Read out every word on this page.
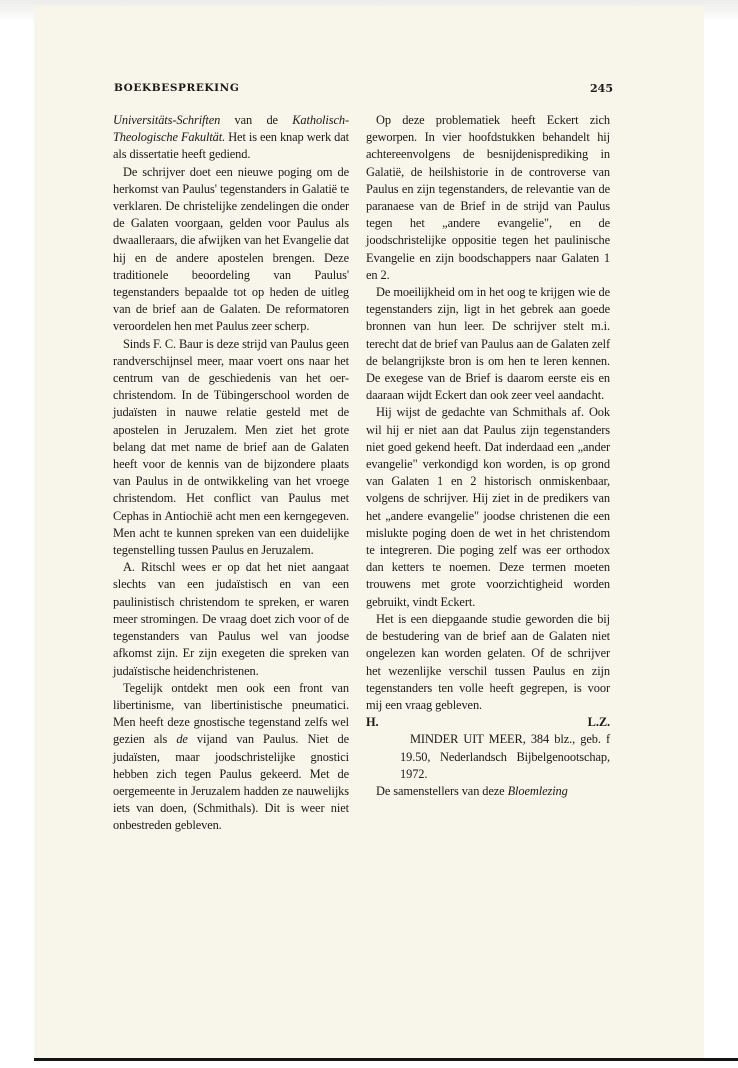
BOEKBESPREKING	245

Universitäts-Schriften van de Katholisch-Theologische Fakultät. Het is een knap werk dat als dissertatie heeft gediend.

De schrijver doet een nieuwe poging om de herkomst van Paulus' tegenstanders in Galatië te verklaren. De christelijke zendelingen die onder de Galaten voorgaan, gelden voor Paulus als dwaalleraars, die afwijken van het Evangelie dat hij en de andere apostelen brengen. Deze traditionele beoordeling van Paulus' tegenstanders bepaalde tot op heden de uitleg van de brief aan de Galaten. De reformatoren veroordelen hen met Paulus zeer scherp.

Sinds F. C. Baur is deze strijd van Paulus geen randverschijnsel meer, maar voert ons naar het centrum van de geschiedenis van het oer-christendom. In de Tübingerschool worden de judaïsten in nauwe relatie gesteld met de apostelen in Jeruzalem. Men ziet het grote belang dat met name de brief aan de Galaten heeft voor de kennis van de bijzondere plaats van Paulus in de ontwikkeling van het vroege christendom. Het conflict van Paulus met Cephas in Antiochië acht men een kerngegeven. Men acht te kunnen spreken van een duidelijke tegenstelling tussen Paulus en Jeruzalem.

A. Ritschl wees er op dat het niet aangaat slechts van een judaïstisch en van een paulinistisch christendom te spreken, er waren meer stromingen. De vraag doet zich voor of de tegenstanders van Paulus wel van joodse afkomst zijn. Er zijn exegeten die spreken van judaïstische heidenchristenen.

Tegelijk ontdekt men ook een front van libertinisme, van libertinistische pneumatici. Men heeft deze gnostische tegenstand zelfs wel gezien als de vijand van Paulus. Niet de judaïsten, maar joodschristelijke gnostici hebben zich tegen Paulus gekeerd. Met de oergemeente in Jeruzalem hadden ze nauwelijks iets van doen, (Schmithals). Dit is weer niet onbestreden gebleven.

Op deze problematiek heeft Eckert zich geworpen. In vier hoofdstukken behandelt hij achtereenvolgens de besnijdenisprediking in Galatië, de heilshistorie in de controverse van Paulus en zijn tegenstanders, de relevantie van de paranaese van de Brief in de strijd van Paulus tegen het „andere evangelie", en de joodschristelijke oppositie tegen het paulinische Evangelie en zijn boodschappers naar Galaten 1 en 2.

De moeilijkheid om in het oog te krijgen wie de tegenstanders zijn, ligt in het gebrek aan goede bronnen van hun leer. De schrijver stelt m.i. terecht dat de brief van Paulus aan de Galaten zelf de belangrijkste bron is om hen te leren kennen. De exegese van de Brief is daarom eerste eis en daaraan wijdt Eckert dan ook zeer veel aandacht.

Hij wijst de gedachte van Schmithals af. Ook wil hij er niet aan dat Paulus zijn tegenstanders niet goed gekend heeft. Dat inderdaad een „ander evangelie" verkondigd kon worden, is op grond van Galaten 1 en 2 historisch onmiskenbaar, volgens de schrijver. Hij ziet in de predikers van het „andere evangelie" joodse christenen die een mislukte poging doen de wet in het christendom te integreren. Die poging zelf was eer orthodox dan ketters te noemen. Deze termen moeten trouwens met grote voorzichtigheid worden gebruikt, vindt Eckert.

Het is een diepgaande studie geworden die bij de bestudering van de brief aan de Galaten niet ongelezen kan worden gelaten. Of de schrijver het wezenlijke verschil tussen Paulus en zijn tegenstanders ten volle heeft gegrepen, is voor mij een vraag gebleven.

H.	L.Z.

MINDER UIT MEER, 384 blz., geb. f 19.50, Nederlandsch Bijbelgenootschap, 1972.

De samenstellers van deze Bloemlezing
